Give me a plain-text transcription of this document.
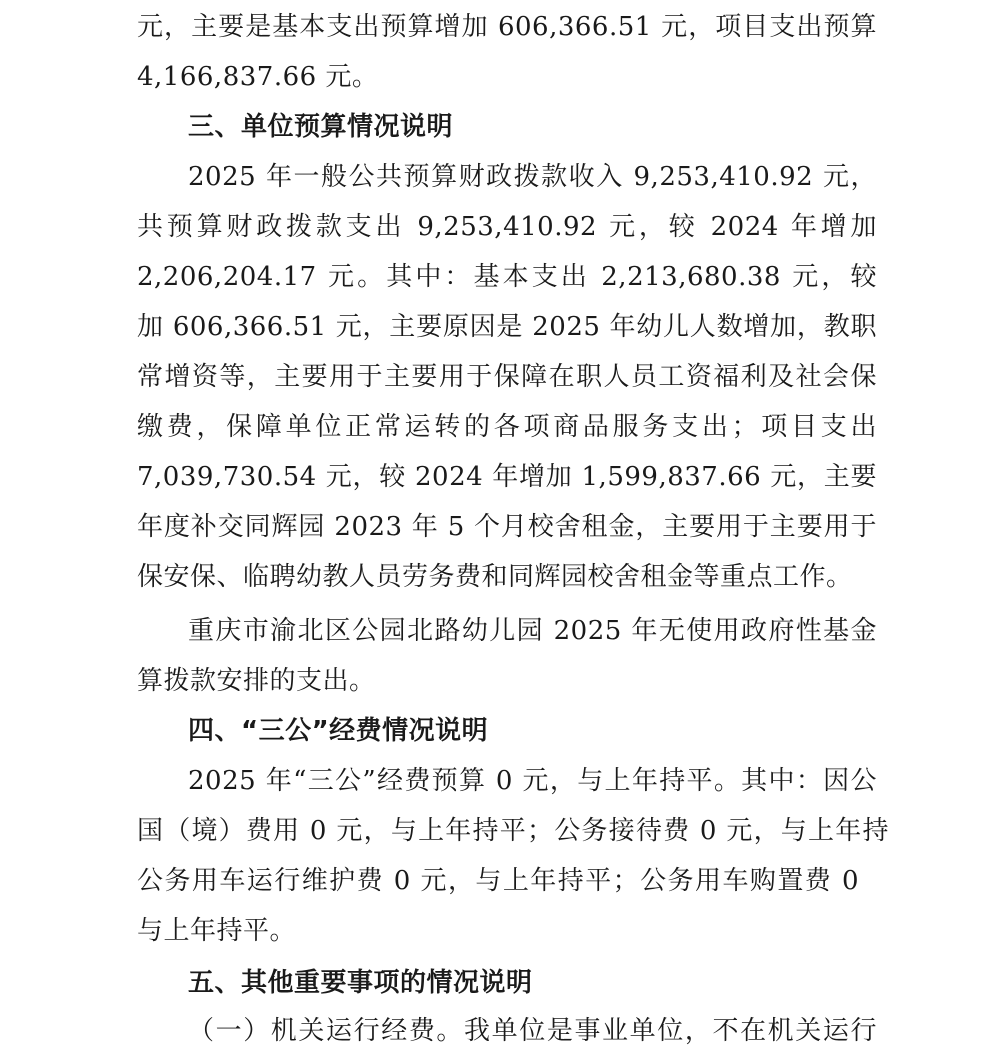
元，主要是基本支出预算增加 606,366.51 元，项目支出预算
4,166,837.66 元。
三、单位预算情况说明
2025 年一般公共预算财政拨款收入 9,253,410.92 元，
共预算财政拨款支出 9,253,410.92 元，较 2024 年增加
2,206,204.17 元。其中：基本支出 2,213,680.38 元，较
加 606,366.51 元，主要原因是 2025 年幼儿人数增加，教职
常增资等，主要用于主要用于保障在职人员工资福利及社会保
缴费，保障单位正常运转的各项商品服务支出；项目支出
7,039,730.54 元，较 2024 年增加 1,599,837.66 元，主要
年度补交同辉园 2023 年 5 个月校舍租金，主要用于主要用于
保安保、临聘幼教人员劳务费和同辉园校舍租金等重点工作。
重庆市渝北区公园北路幼儿园 2025 年无使用政府性基金
算拨款安排的支出。
四、“三公”经费情况说明
2025 年“三公”经费预算 0 元，与上年持平。其中：因公
国（境）费用 0 元，与上年持平；公务接待费 0 元，与上年持
公务用车运行维护费 0 元，与上年持平；公务用车购置费 0
与上年持平。
五、其他重要事项的情况说明
（一）机关运行经费。我单位是事业单位，不在机关运行
